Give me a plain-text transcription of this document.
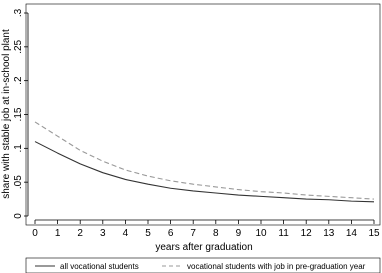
0
.05
.1
.15
.2
.25
.3
0 1 2 3 4 5 6 7 8 9 10 11 12 13 14 15
share with stable job at in-school plant
years after graduation
all vocational students	vocational students with job in pre-graduation year
